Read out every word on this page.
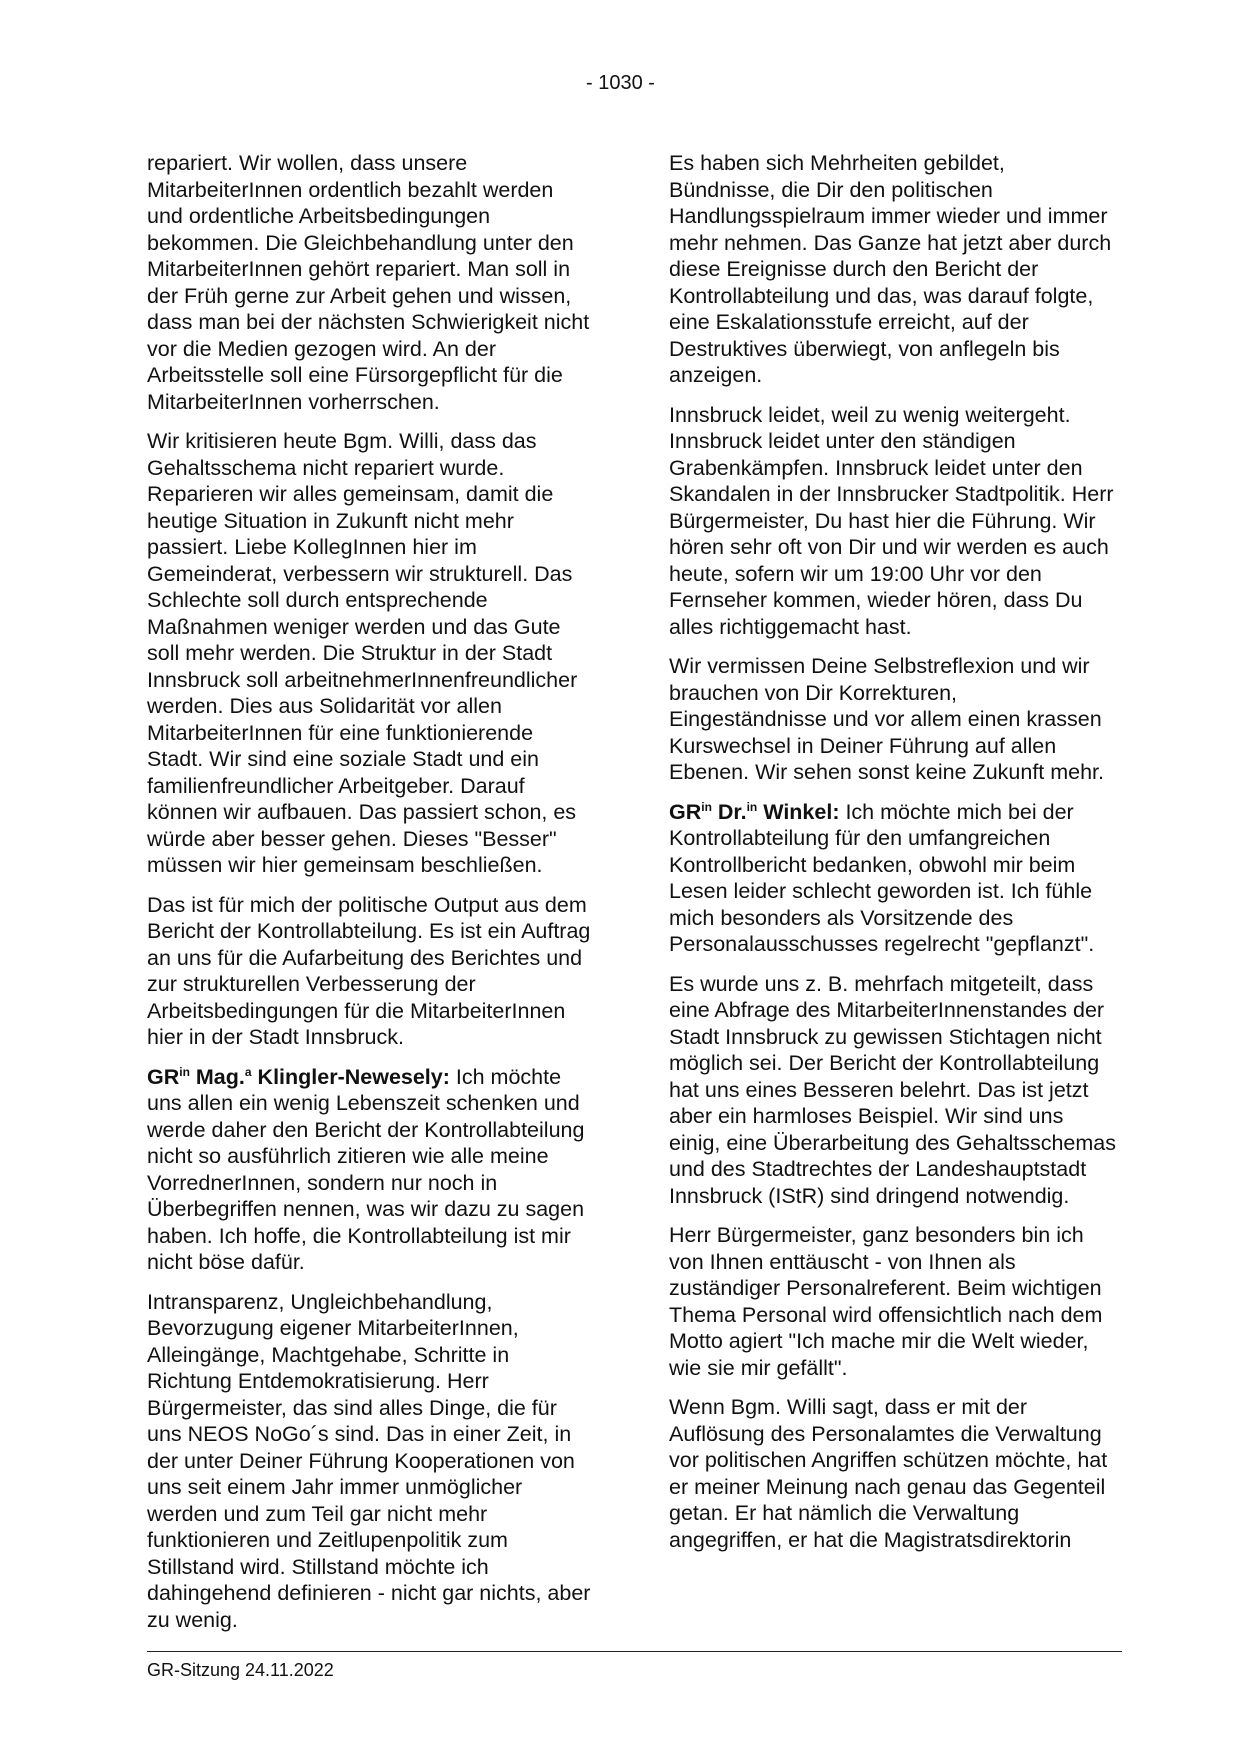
- 1030 -

repariert. Wir wollen, dass unsere MitarbeiterInnen ordentlich bezahlt werden und ordentliche Arbeitsbedingungen bekommen. Die Gleichbehandlung unter den MitarbeiterInnen gehört repariert. Man soll in der Früh gerne zur Arbeit gehen und wissen, dass man bei der nächsten Schwierigkeit nicht vor die Medien gezogen wird. An der Arbeitsstelle soll eine Fürsorgepflicht für die MitarbeiterInnen vorherrschen.

Wir kritisieren heute Bgm. Willi, dass das Gehaltsschema nicht repariert wurde. Reparieren wir alles gemeinsam, damit die heutige Situation in Zukunft nicht mehr passiert. Liebe KollegInnen hier im Gemeinderat, verbessern wir strukturell. Das Schlechte soll durch entsprechende Maßnahmen weniger werden und das Gute soll mehr werden. Die Struktur in der Stadt Innsbruck soll arbeitnehmerInnenfreundlicher werden. Dies aus Solidarität vor allen MitarbeiterInnen für eine funktionierende Stadt. Wir sind eine soziale Stadt und ein familienfreundlicher Arbeitgeber. Darauf können wir aufbauen. Das passiert schon, es würde aber besser gehen. Dieses "Besser" müssen wir hier gemeinsam beschließen.

Das ist für mich der politische Output aus dem Bericht der Kontrollabteilung. Es ist ein Auftrag an uns für die Aufarbeitung des Berichtes und zur strukturellen Verbesserung der Arbeitsbedingungen für die MitarbeiterInnen hier in der Stadt Innsbruck.

$GR^{in}$ Mag.$^a$ Klingler-Newesely: Ich möchte uns allen ein wenig Lebenszeit schenken und werde daher den Bericht der Kontrollabteilung nicht so ausführlich zitieren wie alle meine VorrednerInnen, sondern nur noch in Überbegriffen nennen, was wir dazu zu sagen haben. Ich hoffe, die Kontrollabteilung ist mir nicht böse dafür.

Intransparenz, Ungleichbehandlung, Bevorzugung eigener MitarbeiterInnen, Alleingänge, Machtgehabe, Schritte in Richtung Entdemokratisierung. Herr Bürgermeister, das sind alles Dinge, die für uns NEOS NoGo´s sind. Das in einer Zeit, in der unter Deiner Führung Kooperationen von uns seit einem Jahr immer unmöglicher werden und zum Teil gar nicht mehr funktionieren und Zeitlupenpolitik zum Stillstand wird. Stillstand möchte ich dahingehend definieren - nicht gar nichts, aber zu wenig.

Es haben sich Mehrheiten gebildet, Bündnisse, die Dir den politischen Handlungsspielraum immer wieder und immer mehr nehmen. Das Ganze hat jetzt aber durch diese Ereignisse durch den Bericht der Kontrollabteilung und das, was darauf folgte, eine Eskalationsstufe erreicht, auf der Destruktives überwiegt, von anflegeln bis anzeigen.

Innsbruck leidet, weil zu wenig weitergeht. Innsbruck leidet unter den ständigen Grabenkämpfen. Innsbruck leidet unter den Skandalen in der Innsbrucker Stadtpolitik. Herr Bürgermeister, Du hast hier die Führung. Wir hören sehr oft von Dir und wir werden es auch heute, sofern wir um 19:00 Uhr vor den Fernseher kommen, wieder hören, dass Du alles richtiggemacht hast.

Wir vermissen Deine Selbstreflexion und wir brauchen von Dir Korrekturen, Eingeständnisse und vor allem einen krassen Kurswechsel in Deiner Führung auf allen Ebenen. Wir sehen sonst keine Zukunft mehr.

$GR^{in}$ Dr.$^{in}$ Winkel: Ich möchte mich bei der Kontrollabteilung für den umfangreichen Kontrollbericht bedanken, obwohl mir beim Lesen leider schlecht geworden ist. Ich fühle mich besonders als Vorsitzende des Personalausschusses regelrecht "gepflanzt".

Es wurde uns z. B. mehrfach mitgeteilt, dass eine Abfrage des MitarbeiterInnenstandes der Stadt Innsbruck zu gewissen Stichtagen nicht möglich sei. Der Bericht der Kontrollabteilung hat uns eines Besseren belehrt. Das ist jetzt aber ein harmloses Beispiel. Wir sind uns einig, eine Überarbeitung des Gehaltsschemas und des Stadtrechtes der Landeshauptstadt Innsbruck (IStR) sind dringend notwendig.

Herr Bürgermeister, ganz besonders bin ich von Ihnen enttäuscht - von Ihnen als zuständiger Personalreferent. Beim wichtigen Thema Personal wird offensichtlich nach dem Motto agiert "Ich mache mir die Welt wieder, wie sie mir gefällt".

Wenn Bgm. Willi sagt, dass er mit der Auflösung des Personalamtes die Verwaltung vor politischen Angriffen schützen möchte, hat er meiner Meinung nach genau das Gegenteil getan. Er hat nämlich die Verwaltung angegriffen, er hat die Magistratsdirektorin

GR-Sitzung 24.11.2022
